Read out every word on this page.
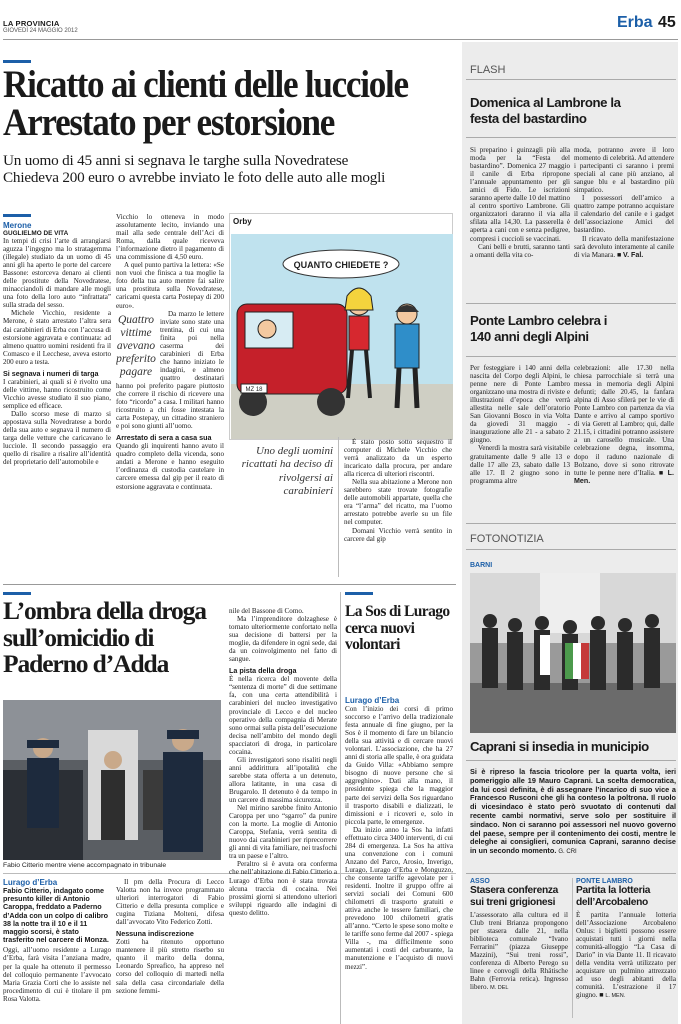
LA PROVINCIA
GIOVEDÌ 24 MAGGIO 2012	Erba 45
Ricatto ai clienti delle lucciole
Arrestato per estorsione
Un uomo di 45 anni si segnava le targhe sulla Novedratese
Chiedeva 200 euro o avrebbe inviato le foto delle auto alle mogli
Merone
GUGLIELMO DE VITA

In tempi di crisi l’arte di arrangiarsi aguzza l’ingegno ma lo stratagemma (illegale) studiato da un uomo di 45 anni gli ha aperto le porte del carcere Bassone: estorceva denaro ai clienti delle prostitute della Novedratese, minacciandoli di mandare alle mogli una foto della loro auto “infrattata” sulla strada del sesso.

Michele Vicchio, residente a Merone, è stato arrestato l’altra sera dai carabinieri di Erba con l’accusa di estorsione aggravata e continuata: ad almeno quattro uomini residenti fra il Comasco e il Lecchese, aveva estorto 200 euro a testa.

Si segnava i numeri di targa

I carabinieri, ai quali si è rivolto una delle vittime, hanno ricostruito come Vicchio avesse studiato il suo piano, semplice ed efficace.

Dallo scorso mese di marzo si appostava sulla Novedratese a bordo della sua auto e segnava il numero di targa delle vetture che caricavano le lucciole. Il secondo passaggio era quello di risalire a risalire all’identità del proprietario dell’automobile e

Vicchio lo otteneva in modo assolutamente lecito, inviando una mail alla sede centrale dell’Aci di Roma, dalla quale riceveva l’informazione dietro il pagamento di una commissione di 4,50 euro.

A quel punto partiva la lettera: «Se non vuoi che finisca a tua moglie la foto della tua auto mentre fai salire una prostituta sulla Novedratese, caricami questa carta Postepay di 200 euro».

Quattro vittime avevano preferito pagare

Da marzo le lettere inviate sono state una trentina, di cui una finita poi nella caserma dei carabinieri di Erba che hanno iniziato le indagini, e almeno quattro destinatari hanno poi preferito pagare piuttosto che correre il rischio di ricevere una foto “ricordo” a casa. I militari hanno ricostruito a chi fosse intestata la carta Postepay, un cittadino straniero e poi sono giunti all’uomo.

Arrestato di sera a casa sua

Quando gli inquirenti hanno avuto il quadro completo della vicenda, sono andati a Merone e hanno eseguito l’ordinanza di custodia cautelare in carcere emessa dal gip per il reato di estorsione aggravata e continuata.

Orby
QUANTO CHIEDETE ?
MZ 18
Uno degli uomini ricattati ha deciso di rivolgersi ai carabinieri

È stato posto sotto sequestro il computer di Michele Vicchio che verrà analizzato da un esperto incaricato dalla procura, per andare alla ricerca di ulteriori riscontri.

Nella sua abitazione a Merone non sarebbero state trovate fotografie delle automobili appartate, quella che era “l’arma” del ricatto, ma l’uomo arrestato potrebbe averle su un file nel computer.

Domani Vicchio verrà sentito in carcere dal gip

FLASH
Domenica al Lambrone la festa del bastardino

Si preparino i guinzagli più alla moda per la “Festa del bastardino”. Domenica 27 maggio il canile di Erba ripropone l’annuale appuntamento per gli amici di Fido. Le iscrizioni saranno aperte dalle 10 del mattino al centro sportivo Lambrone. Gli organizzatori daranno il via alla sfilata alla 14,30. La passerella è aperta a cani con e senza pedigree, compresi i cuccioli se vaccinati.

Cani belli e brutti, saranno tanti a omanti della vita co-

moda, potranno avere il loro momento di celebrità. Ad attendere i partecipanti ci saranno i premi speciali al cane più anziano, al sangue blu e al bastardino più simpatico.

I possessori dell’amico a quattro zampe potranno acquistare il calendario del canile e i gadget dell’associazione Amici del bastardino.

Il ricavato della manifestazione sarà devoluto interamente al canile di via Manara. ■ V. Fal.

Ponte Lambro celebra i 140 anni degli Alpini

Per festeggiare i 140 anni della nascita del Corpo degli Alpini, le penne nere di Ponte Lambro organizzano una mostra di riviste e illustrazioni d’epoca che verrà allestita nelle sale dell’oratorio San Giovanni Bosco in via Volta da giovedì 31 maggio - inaugurazione alle 21 - a sabato 2 giugno.

Venerdì la mostra sarà visitabile gratuitamente dalle 9 alle 13 e dalle 17 alle 23, sabato dalle 13 alle 17. Il 2 giugno sono in programma altre

celebrazioni: alle 17.30 nella chiesa parrocchiale si terrà una messa in memoria degli Alpini defunti; dalle 20.45, la fanfara alpina di Asso sfilerà per le vie di Ponte Lambro con partenza da via Dante e arrivo al campo sportivo di via Gerett al Lambro; qui, dalle 21.15, i cittadini potranno assistere a un carosello musicale. Una celebrazione degna, insomma, dopo il raduno nazionale di Bolzano, dove si sono ritrovate tutte le penne nere d’Italia. ■ L. Men.

FOTONOTIZIA
BARNI
Caprani si insedia in municipio

Si è ripreso la fascia tricolore per la quarta volta, ieri pomeriggio alle 19 Mauro Caprani. La scelta democratica, da lui così definita, è di assegnare l’incarico di suo vice a Francesco Rusconi che gli ha conteso la poltrona. Il ruolo di vicesindaco è stato però svuotato di contenuti dal recente cambi normativi, serve solo per sostituire il sindaco. Non ci saranno poi assessori nel nuovo governo del paese, sempre per il contenimento dei costi, mentre le deleghe ai consiglieri, comunica Caprani, saranno decise in un secondo momento. G. CRI

ASSO
Stasera conferenza sui treni grigionesi

L’assessorato alla cultura ed il Club treni Brianza propongono per stasera dalle 21, nella biblioteca comunale “Ivano Ferrarini” (piazza Giuseppe Mazzini), “Sui treni rossi”, conferenza di Alberto Perego su linee e convogli della Rhätische Bahn (Ferrovia retica). Ingresso libero. M. DEL

PONTE LAMBRO
Partita la lotteria dell’Arcobaleno

È partita l’annuale lotteria dell’Associazione Arcobaleno Onlus: i biglietti possono essere acquistati tutti i giorni nella comunità-alloggio “La Casa di Dario” in via Dante 11. Il ricavato della vendita verrà utilizzato per acquistare un pulmino attrezzato ad uso degli abitanti della comunità. L’estrazione il 17 giugno. ■ L. MEN.

L’ombra della droga sull’omicidio di Paderno d’Adda
Fabio Citterio mentre viene accompagnato in tribunale
Lurago d’Erba

Fabio Citterio, indagato come presunto killer di Antonio Caroppa, freddato a Paderno d’Adda con un colpo di calibro 38 la notte tra il 10 e il 11 maggio scorsi, è stato trasferito nel carcere di Monza.

Oggi, all’uomo residente a Lurago d’Erba, farà visita l’anziana madre, per la quale ha ottenuto il permesso del colloquio permanente l’avvocato Maria Grazia Corti che lo assiste nel procedimento di cui è titolare il pm Rosa Valotta.

Il pm della Procura di Lecco Valotta non ha invece programmato ulteriori interrogatori di Fabio Citterio e della presunta complice e cugina Tiziana Molteni, difesa dall’avvocato Vito Federico Zotti.

Nessuna indiscrezione

Zotti ha ritenuto opportuno mantenere il più stretto riserbo su quanto il marito della donna, Leonardo Spreafico, ha appreso nel corso del colloquio di martedì nella sala della casa circondariale della sezione femmi-

nile del Bassone di Como.

Ma l’imprenditore dolzaghese è tornato ulteriormente confortato nella sua decisione di battersi per la moglie, da difendere in ogni sede, dai da un coinvolgimento nel fatto di sangue.

La pista della droga

È nella ricerca del movente della “sentenza di morte” di due settimane fa, con una certa attendibilità i carabinieri del nucleo investigativo provinciale di Lecco e del nucleo operativo della compagnia di Merate sono ormai sulla pista dell’esecuzione decisa nell’ambito del mondo degli spacciatori di droga, in particolare cocaina.

Gli investigatori sono risaliti negli anni addirittura all’ipotalità che sarebbe stata offerta a un detenuto, allora latitante, in una casa di Brugarolo. Il detenuto è da tempo in un carcere di massima sicurezza.

Nel mirino sarebbe finito Antonio Caroppa per uno “sgarro” da punire con la morte. La moglie di Antonio Caroppa, Stefania, verrà sentita di nuovo dai carabinieri per riprecorrere gli anni di vita familiare, nei trasfochi tra un paese e l’altro.

Peraltro si è avuta ora conferma che nell’abitazione di Fabio Citterio a Lurago d’Erba non è stata trovata alcuna traccia di cocaina. Nei prossimi giorni si attendono ulteriori sviluppi riguardo alle indagini di questo delitto.

La Sos di Lurago cerca nuovi volontari
Lurago d’Erba

Con l’inizio dei corsi di primo soccorso e l’arrivo della tradizionale festa annuale di fine giugno, per la Sos è il momento di fare un bilancio della sua attività e di cercare nuovi volontari. L’associazione, che ha 27 anni di storia alle spalle, è ora guidata da Guido Villa: «Abbiamo sempre bisogno di nuove persone che si aggreghino». Dati alla mano, il presidente spiega che la maggior parte dei servizi della Sos riguardano il trasporto disabili e dializzati, le dimissioni e i ricoveri e, solo in piccola parte, le emergenze.

Da inizio anno la Sos ha infatti effettuato circa 3400 interventi, di cui 284 di emergenza. La Sos ha attiva una convenzione con i comuni Anzano del Parco, Arosio, Inverigo, Lurago, Lurago d’Erba e Monguzzo, che consente tariffe agevolate per i residenti. Inoltre il gruppo offre ai servizi sociali dei Comuni 600 chilometri di trasporto gratuiti e attiva anche le tessere familiari, che prevedono 100 chilometri gratis all’anno. “Certo le spese sono molte e le tariffe sono ferme dal 2007 - spiega Villa -, ma difficilmente sono aumentati i costi del carburante, la manutenzione e l’acquisto di nuovi mezzi”.
